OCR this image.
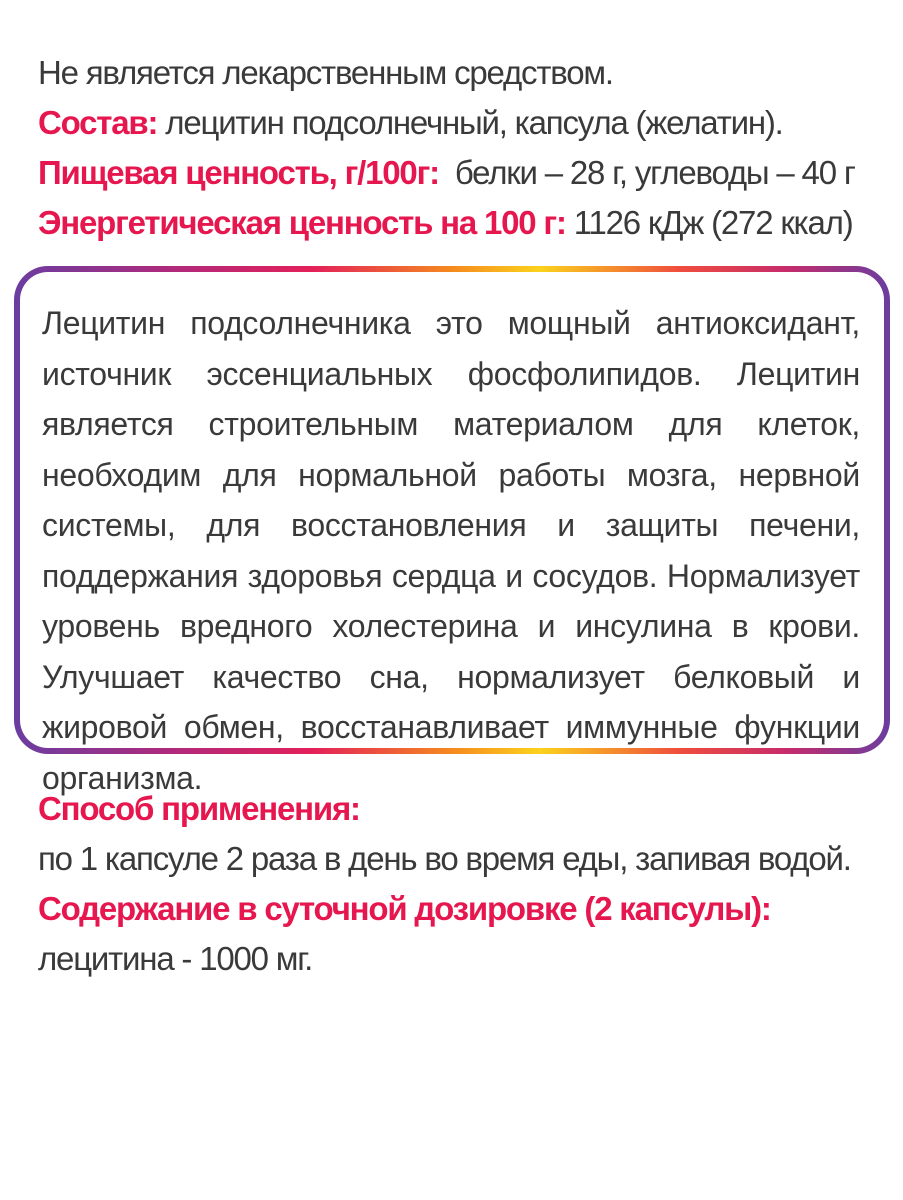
Не является лекарственным средством.
Состав: лецитин подсолнечный, капсула (желатин).
Пищевая ценность, г/100г:  белки – 28 г, углеводы – 40 г
Энергетическая ценность на 100 г: 1126 кДж (272 ккал)

Лецитин подсолнечника это мощный антиоксидант, источник эссенциальных фосфолипидов. Лецитин является строительным материалом для клеток, необходим для нормальной работы мозга, нервной системы, для восстановления и защиты печени, поддержания здоровья сердца и сосудов. Нормализует уровень вредного холестерина и инсулина в крови. Улучшает качество сна, нормализует белковый и жировой обмен, восстанавливает иммунные функции организма.

Способ применения:
по 1 капсуле 2 раза в день во время еды, запивая водой.
Содержание в суточной дозировке (2 капсулы):
лецитина - 1000 мг.
